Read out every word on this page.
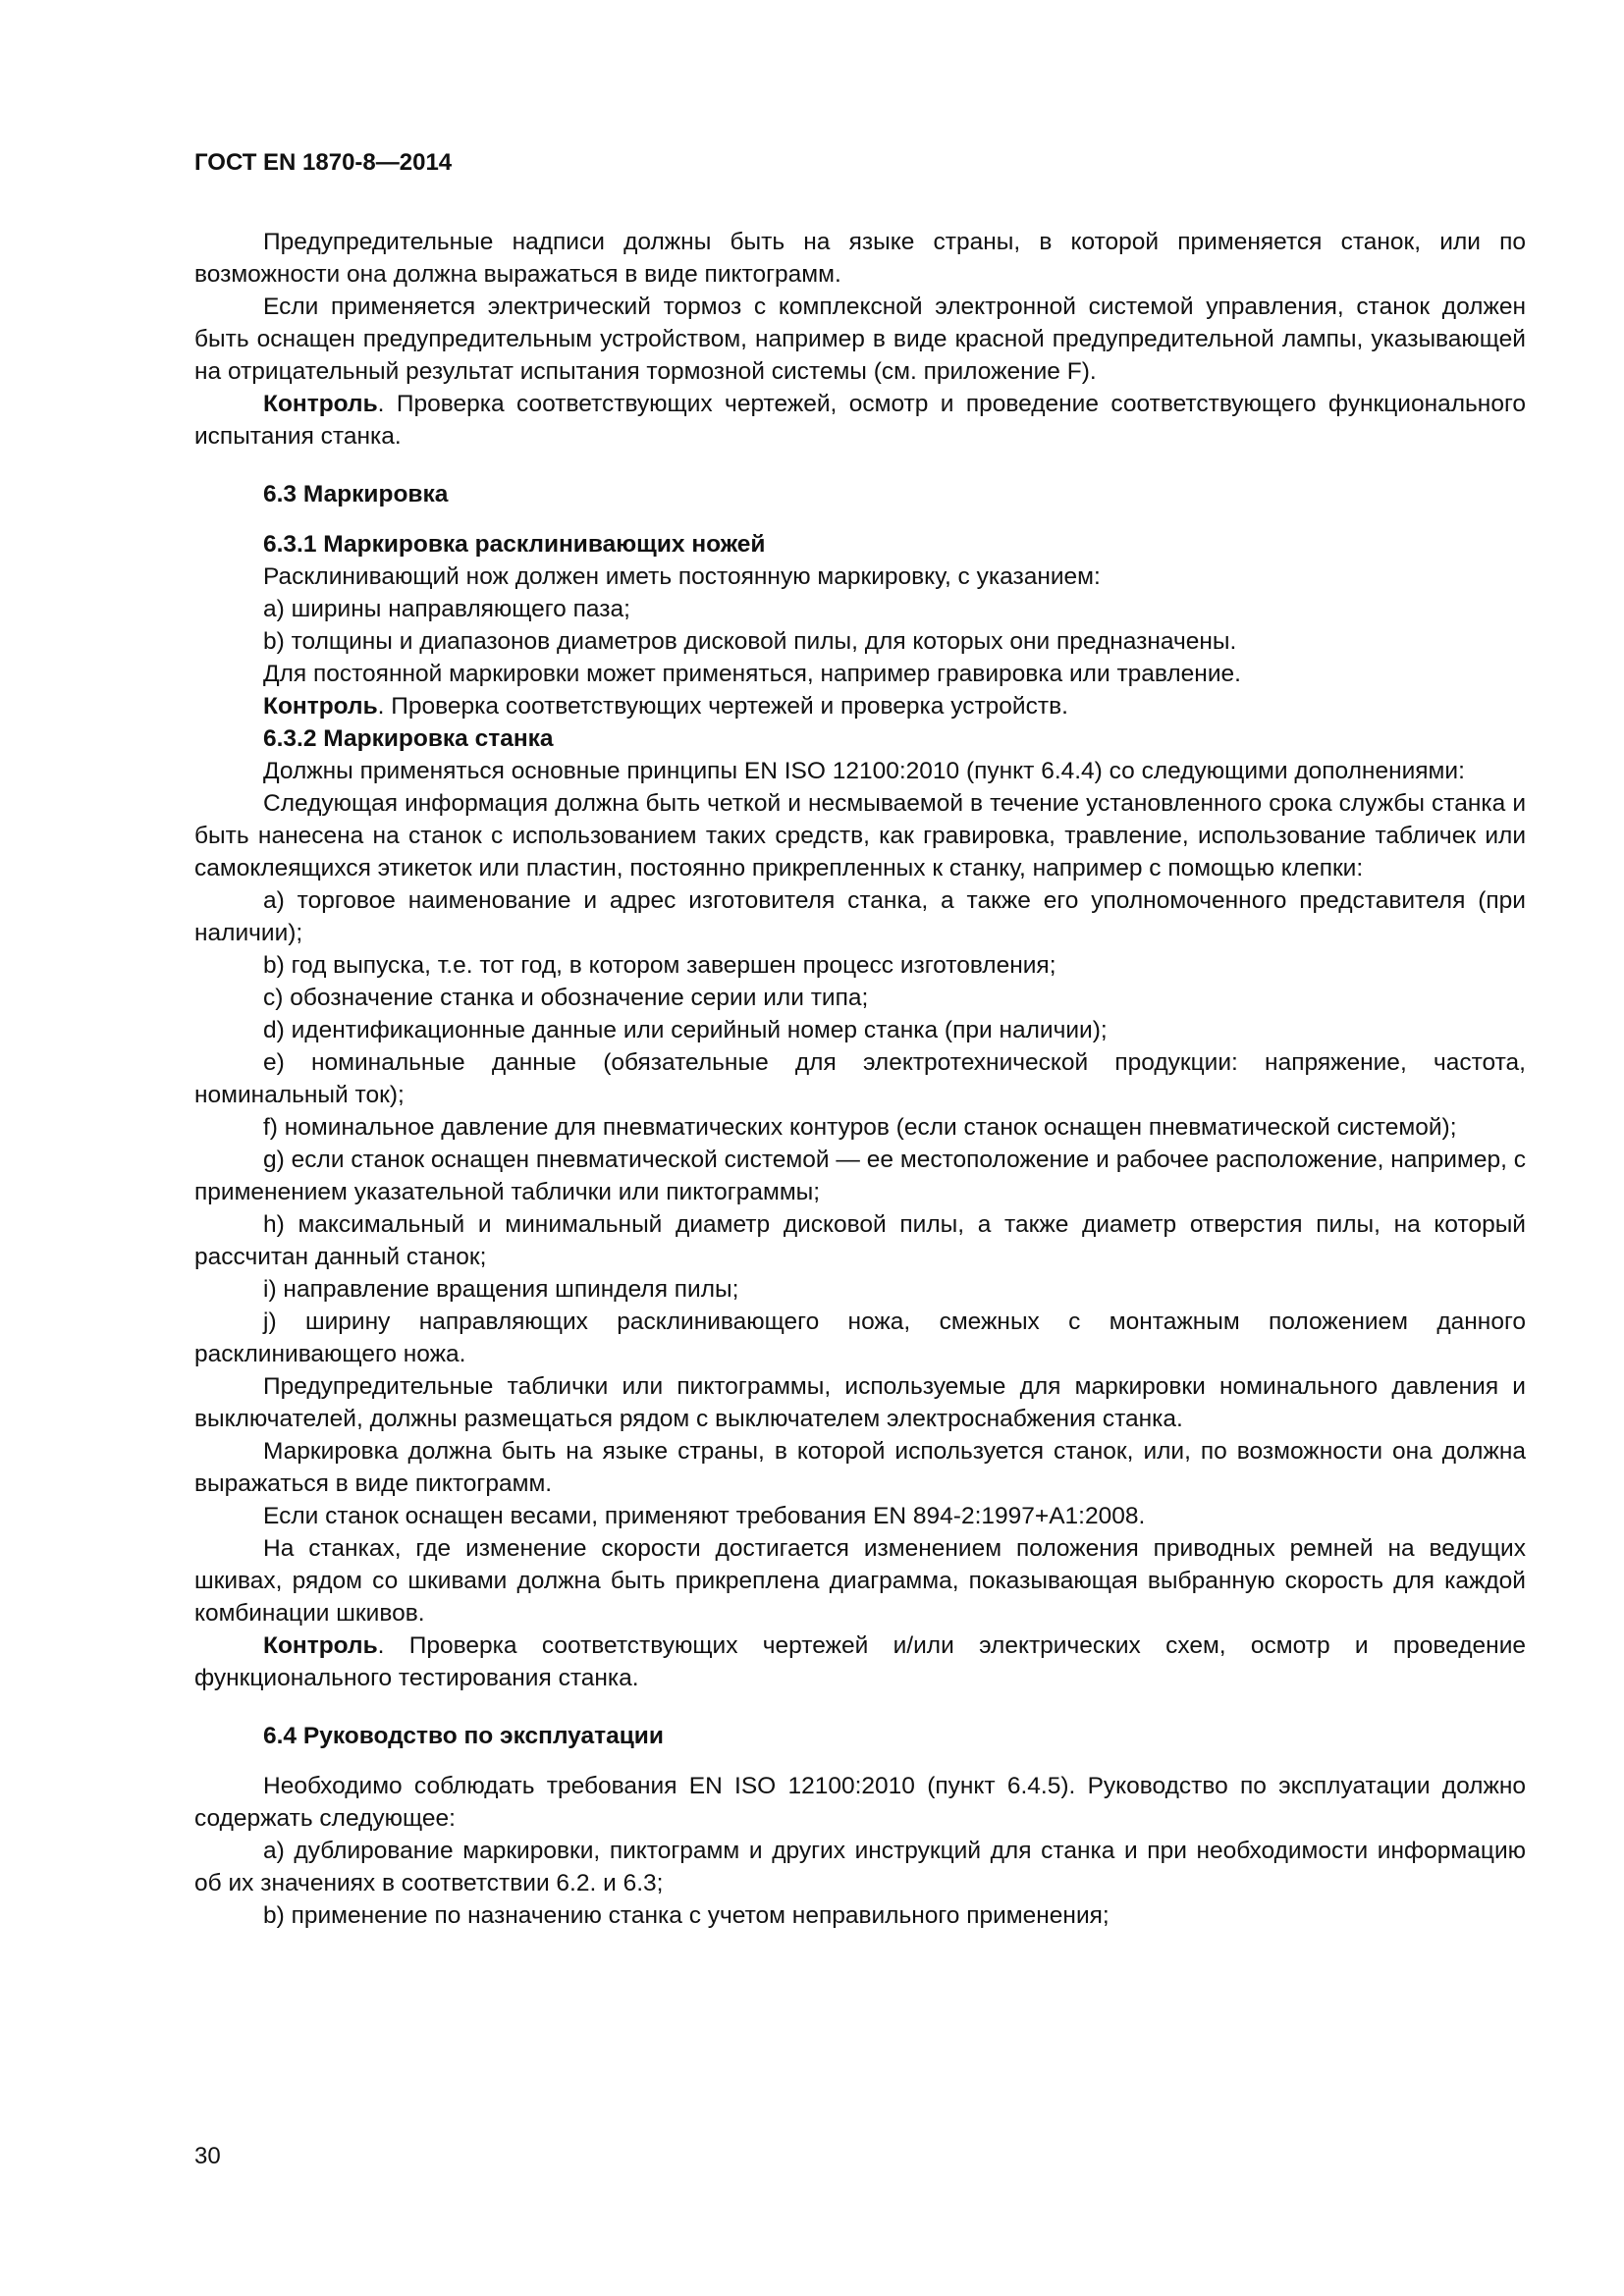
ГОСТ EN 1870-8—2014

Предупредительные надписи должны быть на языке страны, в которой применяется станок, или по возможности она должна выражаться в виде пиктограмм.

Если применяется электрический тормоз с комплексной электронной системой управления, станок должен быть оснащен предупредительным устройством, например в виде красной предупредительной лампы, указывающей на отрицательный результат испытания тормозной системы (см. приложение F).

Контроль. Проверка соответствующих чертежей, осмотр и проведение соответствующего функционального испытания станка.

6.3 Маркировка

6.3.1 Маркировка расклинивающих ножей

Расклинивающий нож должен иметь постоянную маркировку, с указанием:

a) ширины направляющего паза;

b) толщины и диапазонов диаметров дисковой пилы, для которых они предназначены.

Для постоянной маркировки может применяться, например гравировка или травление.

Контроль. Проверка соответствующих чертежей и проверка устройств.

6.3.2 Маркировка станка

Должны применяться основные принципы EN ISO 12100:2010 (пункт 6.4.4) со следующими дополнениями:

Следующая информация должна быть четкой и несмываемой в течение установленного срока службы станка и быть нанесена на станок с использованием таких средств, как гравировка, травление, использование табличек или самоклеящихся этикеток или пластин, постоянно прикрепленных к станку, например с помощью клепки:

a) торговое наименование и адрес изготовителя станка, а также его уполномоченного представителя (при наличии);

b) год выпуска, т.е. тот год, в котором завершен процесс изготовления;

c) обозначение станка и обозначение серии или типа;

d) идентификационные данные или серийный номер станка (при наличии);

e) номинальные данные (обязательные для электротехнической продукции: напряжение, частота, номинальный ток);

f) номинальное давление для пневматических контуров (если станок оснащен пневматической системой);

g) если станок оснащен пневматической системой — ее местоположение и рабочее расположение, например, с применением указательной таблички или пиктограммы;

h) максимальный и минимальный диаметр дисковой пилы, а также диаметр отверстия пилы, на который рассчитан данный станок;

i) направление вращения шпинделя пилы;

j) ширину направляющих расклинивающего ножа, смежных с монтажным положением данного расклинивающего ножа.

Предупредительные таблички или пиктограммы, используемые для маркировки номинального давления и выключателей, должны размещаться рядом с выключателем электроснабжения станка.

Маркировка должна быть на языке страны, в которой используется станок, или, по возможности она должна выражаться в виде пиктограмм.

Если станок оснащен весами, применяют требования EN 894-2:1997+A1:2008.

На станках, где изменение скорости достигается изменением положения приводных ремней на ведущих шкивах, рядом со шкивами должна быть прикреплена диаграмма, показывающая выбранную скорость для каждой комбинации шкивов.

Контроль. Проверка соответствующих чертежей и/или электрических схем, осмотр и проведение функционального тестирования станка.

6.4 Руководство по эксплуатации

Необходимо соблюдать требования EN ISO 12100:2010 (пункт 6.4.5). Руководство по эксплуатации должно содержать следующее:

a) дублирование маркировки, пиктограмм и других инструкций для станка и при необходимости информацию об их значениях в соответствии 6.2. и 6.3;

b) применение по назначению станка с учетом неправильного применения;

30
